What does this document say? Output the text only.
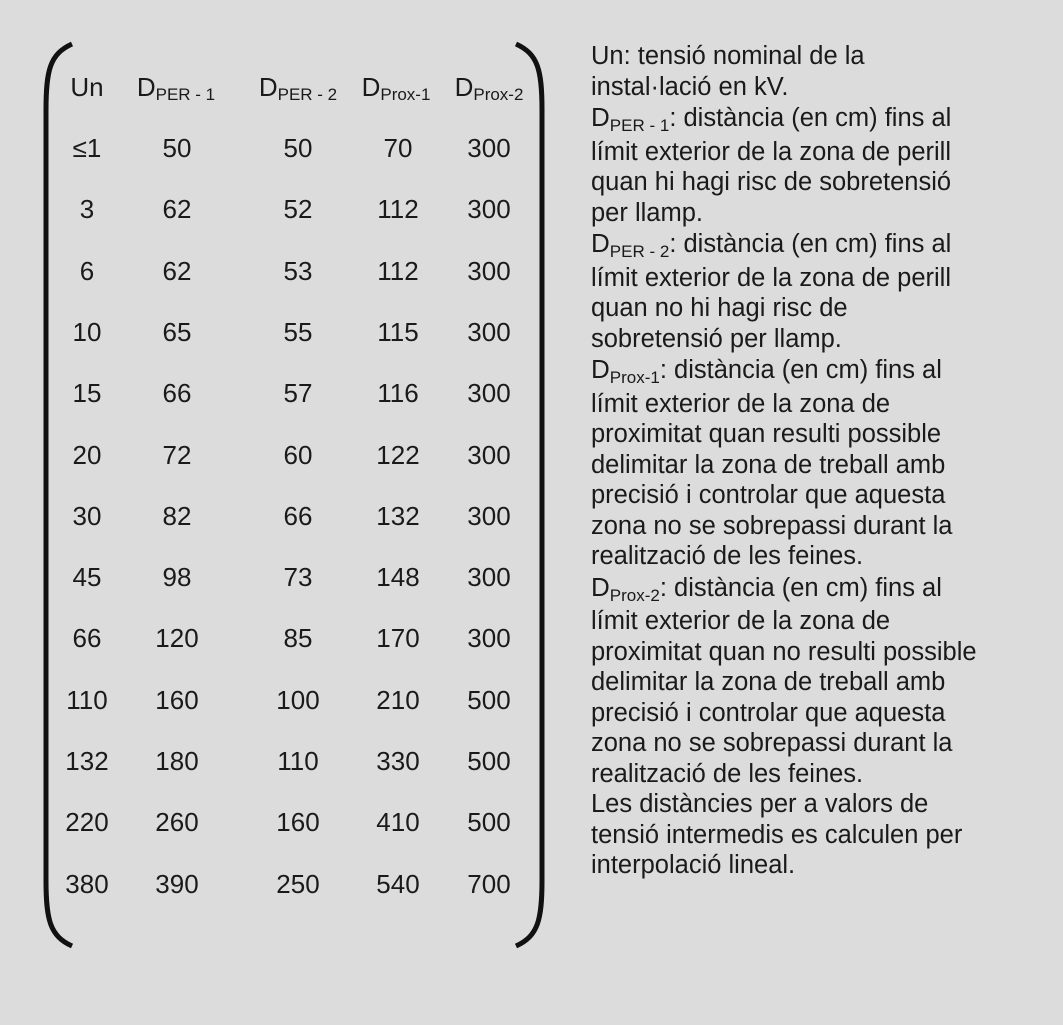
Un $D_{PER - 1}$ $D_{PER - 2}$ $D_{Prox-1}$ $D_{Prox-2}$
≤1 50	50	70 300
3	62	52 112 300
6	62	53 112 300
10 65	55 115 300
15 66	57 116 300
20 72	60 122 300
30 82	66 132 300
45 98	73 148 300
66 120	85 170 300
110 160	100 210 500
132 180	110 330 500
220 260	160 410 500
380 390	250 540 700

Un: tensió nominal de la
instal·lació en kV.

$D_{PER - 1}$: distància (en cm) fins al
límit exterior de la zona de perill
quan hi hagi risc de sobretensió
per llamp.

$D_{PER - 2}$: distància (en cm) fins al
límit exterior de la zona de perill
quan no hi hagi risc de
sobretensió per llamp.

$D_{Prox-1}$: distància (en cm) fins al
límit exterior de la zona de
proximitat quan resulti possible
delimitar la zona de treball amb
precisió i controlar que aquesta
zona no se sobrepassi durant la
realització de les feines.

$D_{Prox-2}$: distància (en cm) fins al
límit exterior de la zona de
proximitat quan no resulti possible
delimitar la zona de treball amb
precisió i controlar que aquesta
zona no se sobrepassi durant la
realització de les feines.

Les distàncies per a valors de
tensió intermedis es calculen per
interpolació lineal.
